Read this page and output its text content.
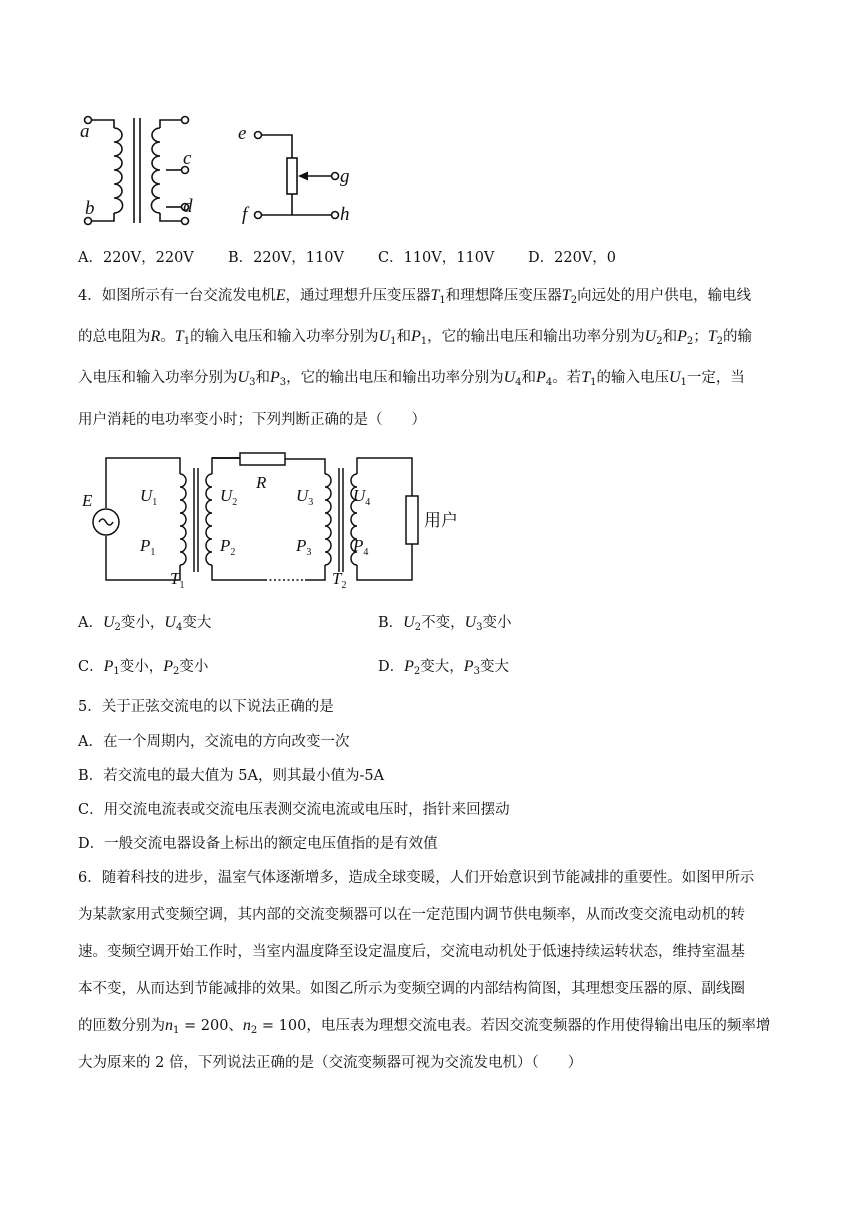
a
b
c
d
e
g
f	h
A．220V，220V B．220V，110V C．110V，110V D．220V，0
4．如图所示有一台交流发电机E，通过理想升压变压器$T_1$和理想降压变压器$T_2$向远处的用户供电，输电线
的总电阻为R。$T_1$的输入电压和输入功率分别为$U_1$和$P_1$，它的输出电压和输出功率分别为$U_2$和$P_2$；$T_2$的输
入电压和输入功率分别为$U_3$和$P_3$，它的输出电压和输出功率分别为$U_4$和$P_4$。若$T_1$的输入电压$U_1$一定，当
用户消耗的电功率变小时；下列判断正确的是（　　）
E
R
$U_1$
$P_1$
$U_2$
$P_2$
$U_3$
$P_3$
$U_4$
$P_4$
$T_1$	$T_2$
用户
A．$U_2$变小，$U_4$变大	B．$U_2$不变，$U_3$变小
C．$P_1$变小，$P_2$变小	D．$P_2$变大，$P_3$变大
5．关于正弦交流电的以下说法正确的是
A．在一个周期内，交流电的方向改变一次
B．若交流电的最大值为 5A，则其最小值为-5A
C．用交流电流表或交流电压表测交流电流或电压时，指针来回摆动
D．一般交流电器设备上标出的额定电压值指的是有效值
6．随着科技的进步，温室气体逐渐增多，造成全球变暖，人们开始意识到节能减排的重要性。如图甲所示
为某款家用式变频空调，其内部的交流变频器可以在一定范围内调节供电频率，从而改变交流电动机的转
速。变频空调开始工作时，当室内温度降至设定温度后，交流电动机处于低速持续运转状态，维持室温基
本不变，从而达到节能减排的效果。如图乙所示为变频空调的内部结构简图，其理想变压器的原、副线圈
的匝数分别为$n_1 = 200$、$n_2 = 100$，电压表为理想交流电表。若因交流变频器的作用使得输出电压的频率增
大为原来的 2 倍，下列说法正确的是（交流变频器可视为交流发电机）（　　）
